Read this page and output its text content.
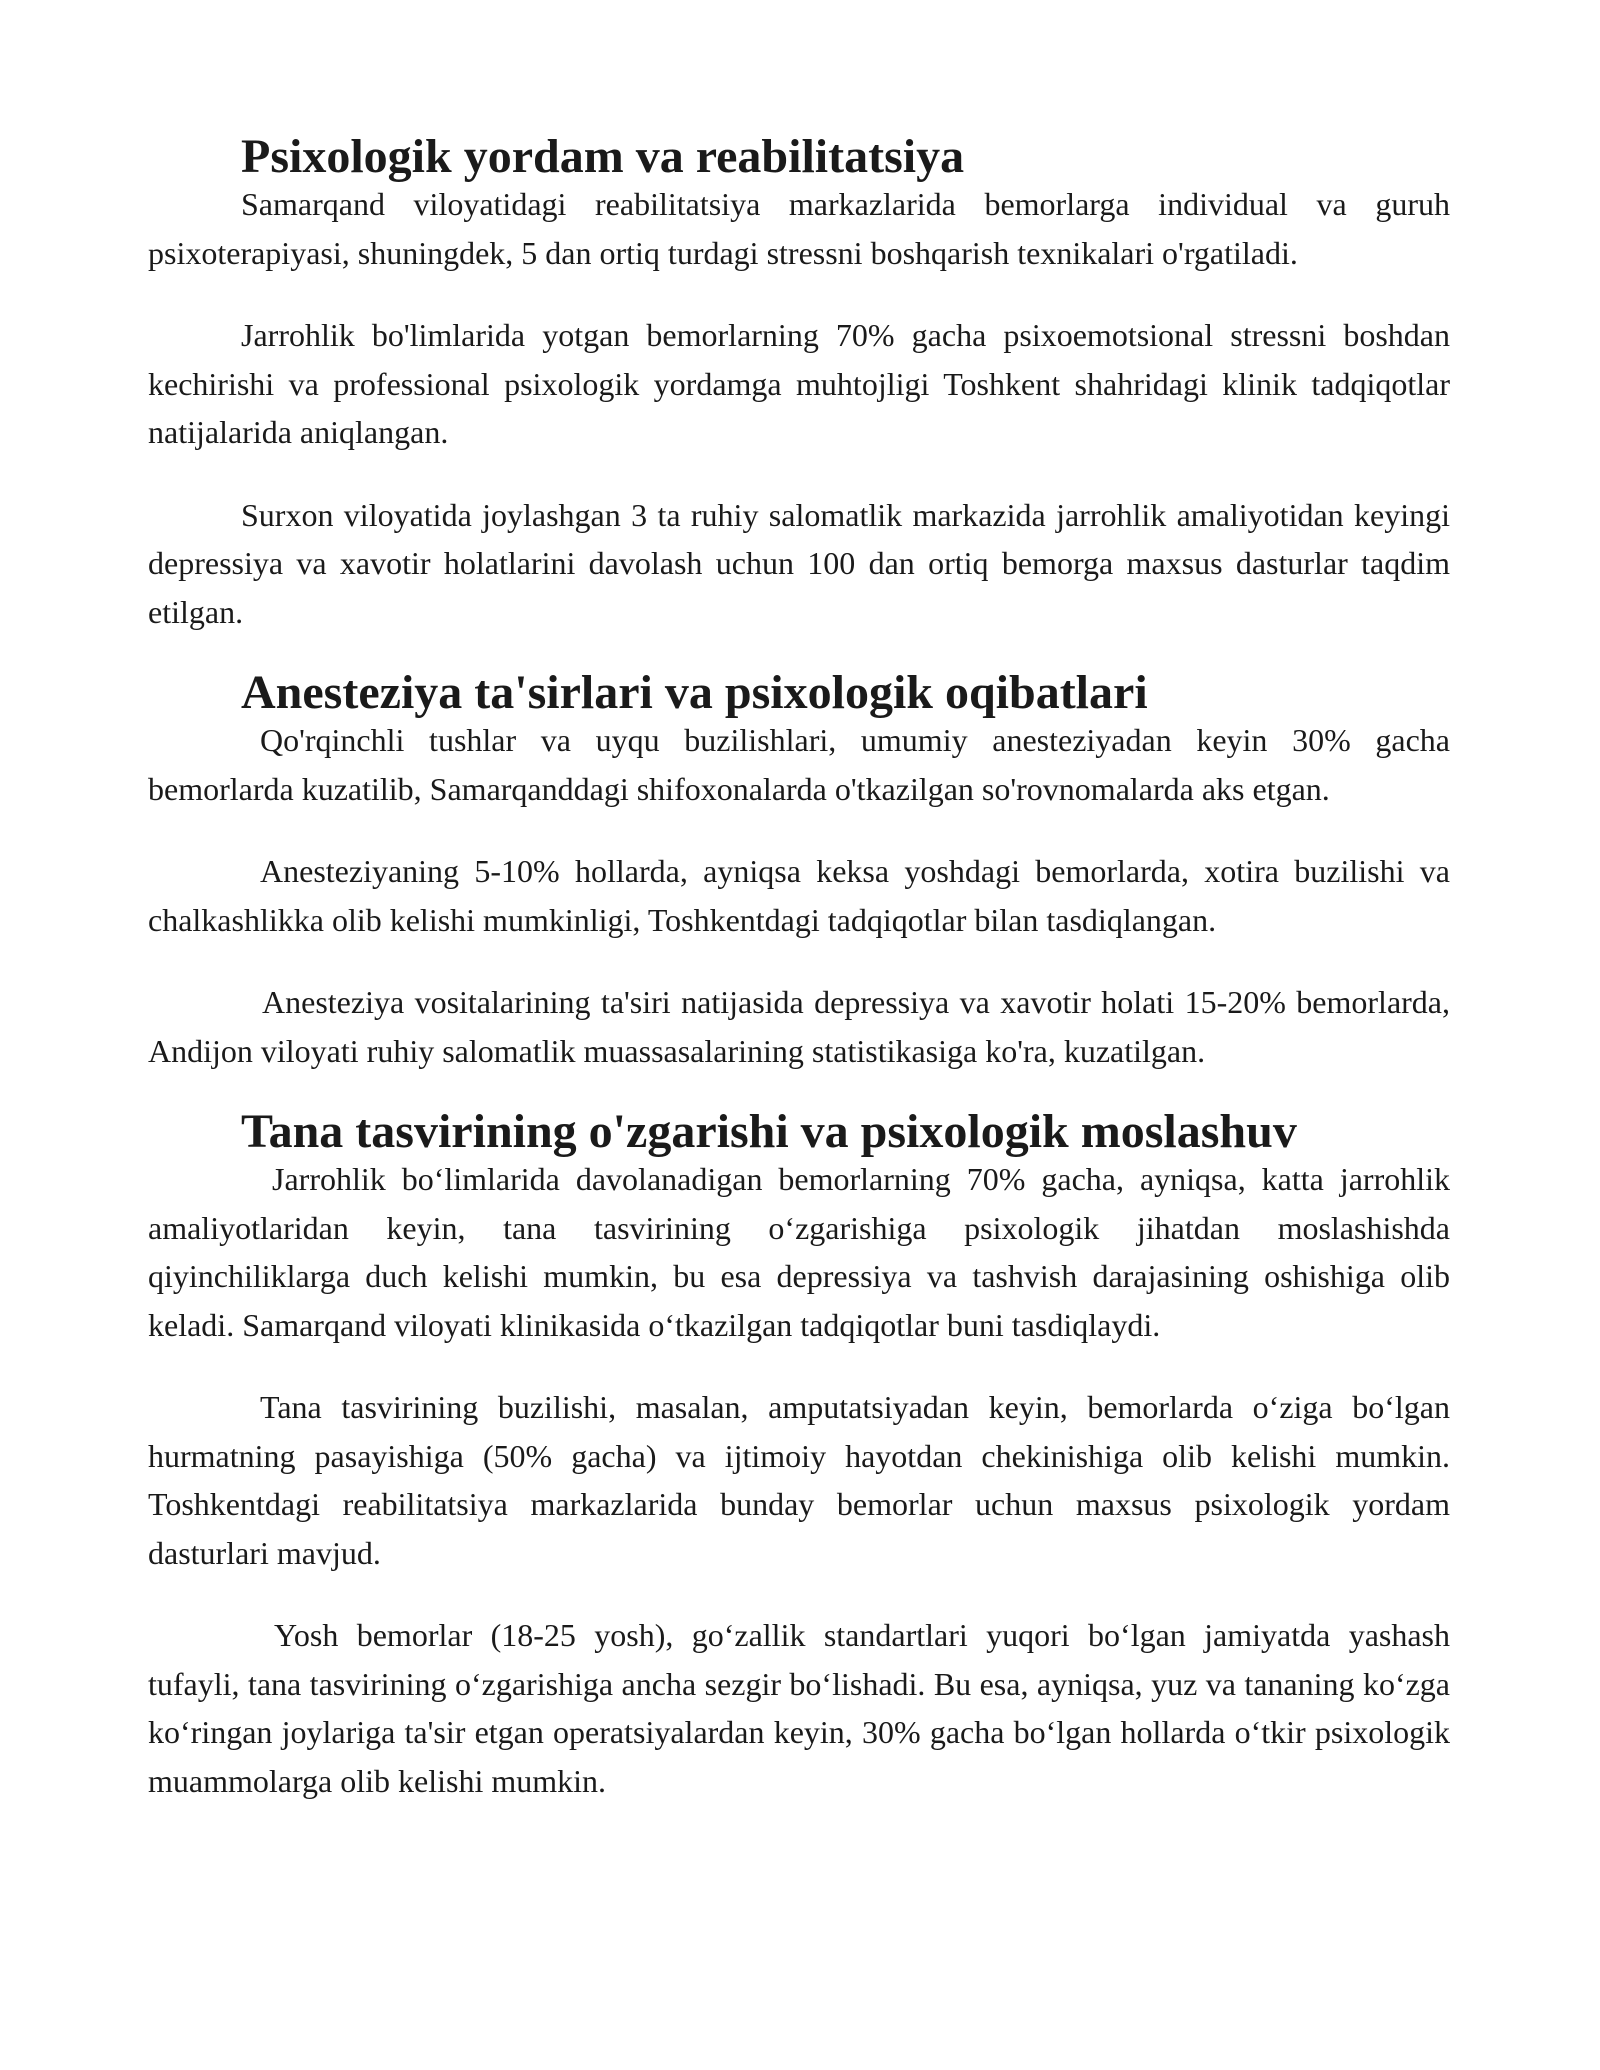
Psixologik yordam va reabilitatsiya

Samarqand viloyatidagi reabilitatsiya markazlarida bemorlarga individual va guruh psixoterapiyasi, shuningdek, 5 dan ortiq turdagi stressni boshqarish texnikalari o'rgatiladi.

Jarrohlik bo'limlarida yotgan bemorlarning 70% gacha psixoemotsional stressni boshdan kechirishi va professional psixologik yordamga muhtojligi Toshkent shahridagi klinik tadqiqotlar natijalarida aniqlangan.

Surxon viloyatida joylashgan 3 ta ruhiy salomatlik markazida jarrohlik amaliyotidan keyingi depressiya va xavotir holatlarini davolash uchun 100 dan ortiq bemorga maxsus dasturlar taqdim etilgan.

Anesteziya ta'sirlari va psixologik oqibatlari

Qo'rqinchli tushlar va uyqu buzilishlari, umumiy anesteziyadan keyin 30% gacha bemorlarda kuzatilib, Samarqanddagi shifoxonalarda o'tkazilgan so'rovnomalarda aks etgan.

Anesteziyaning 5-10% hollarda, ayniqsa keksa yoshdagi bemorlarda, xotira buzilishi va chalkashlikka olib kelishi mumkinligi, Toshkentdagi tadqiqotlar bilan tasdiqlangan.

Anesteziya vositalarining ta'siri natijasida depressiya va xavotir holati 15-20% bemorlarda, Andijon viloyati ruhiy salomatlik muassasalarining statistikasiga ko'ra, kuzatilgan.

Tana tasvirining o'zgarishi va psixologik moslashuv

Jarrohlik bo‘limlarida davolanadigan bemorlarning 70% gacha, ayniqsa, katta jarrohlik amaliyotlaridan keyin, tana tasvirining o‘zgarishiga psixologik jihatdan moslashishda qiyinchiliklarga duch kelishi mumkin, bu esa depressiya va tashvish darajasining oshishiga olib keladi. Samarqand viloyati klinikasida o‘tkazilgan tadqiqotlar buni tasdiqlaydi.

Tana tasvirining buzilishi, masalan, amputatsiyadan keyin, bemorlarda o‘ziga bo‘lgan hurmatning pasayishiga (50% gacha) va ijtimoiy hayotdan chekinishiga olib kelishi mumkin. Toshkentdagi reabilitatsiya markazlarida bunday bemorlar uchun maxsus psixologik yordam dasturlari mavjud.

Yosh bemorlar (18-25 yosh), go‘zallik standartlari yuqori bo‘lgan jamiyatda yashash tufayli, tana tasvirining o‘zgarishiga ancha sezgir bo‘lishadi. Bu esa, ayniqsa, yuz va tananing ko‘zga ko‘ringan joylariga ta'sir etgan operatsiyalardan keyin, 30% gacha bo‘lgan hollarda o‘tkir psixologik muammolarga olib kelishi mumkin.
